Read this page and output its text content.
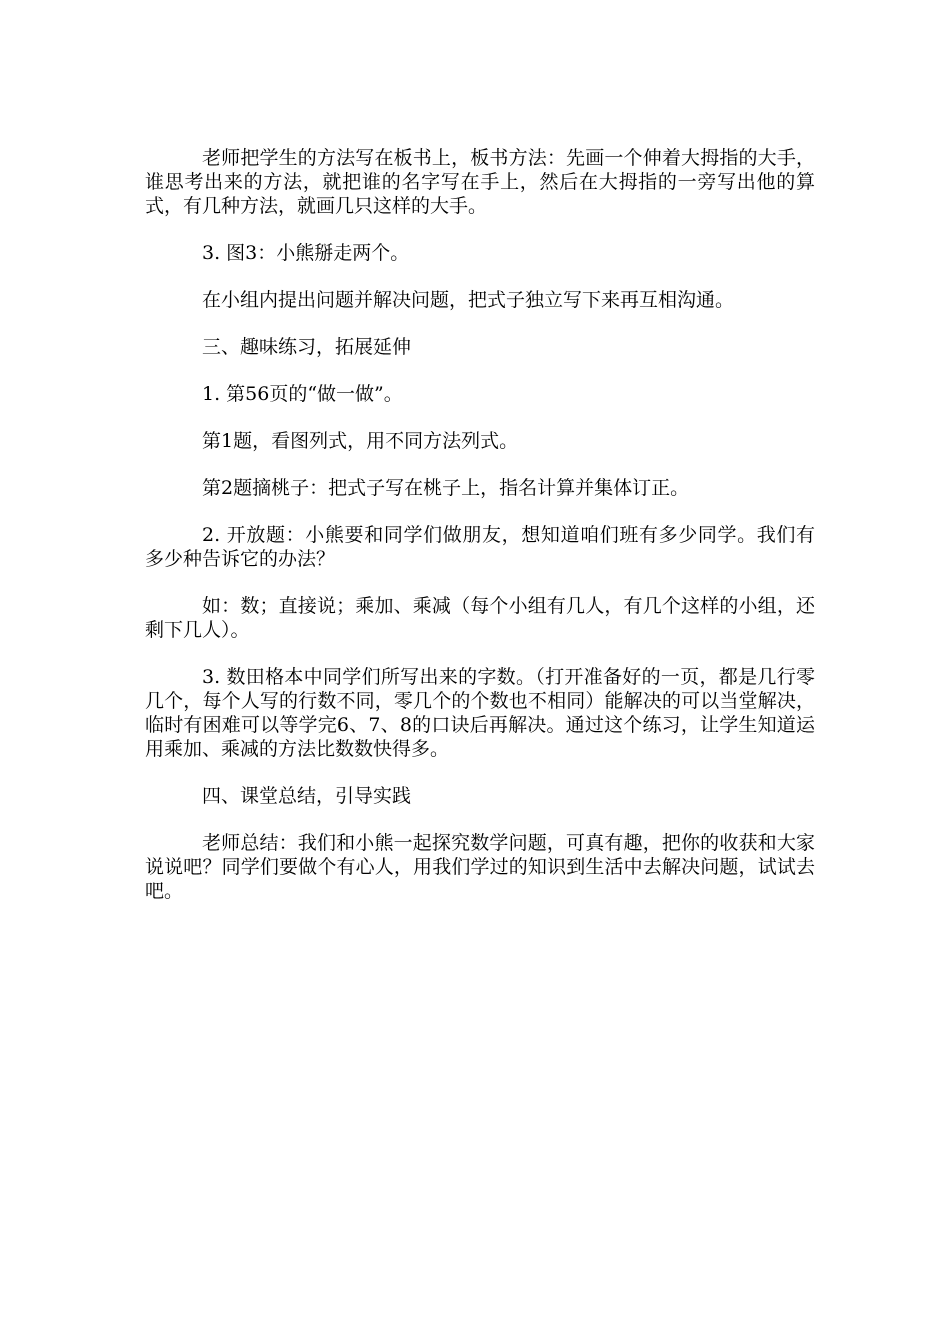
老师把学生的方法写在板书上，板书方法：先画一个伸着大拇指的大手，谁思考出来的方法，就把谁的名字写在手上，然后在大拇指的一旁写出他的算式，有几种方法，就画几只这样的大手。

3. 图3：小熊掰走两个。

在小组内提出问题并解决问题，把式子独立写下来再互相沟通。

三、趣味练习，拓展延伸

1. 第56页的“做一做”。

第1题，看图列式，用不同方法列式。

第2题摘桃子：把式子写在桃子上，指名计算并集体订正。

2. 开放题：小熊要和同学们做朋友，想知道咱们班有多少同学。我们有多少种告诉它的办法？

如：数；直接说；乘加、乘减（每个小组有几人，有几个这样的小组，还剩下几人）。

3. 数田格本中同学们所写出来的字数。（打开准备好的一页，都是几行零几个，每个人写的行数不同，零几个的个数也不相同）能解决的可以当堂解决，临时有困难可以等学完6、7、8的口诀后再解决。通过这个练习，让学生知道运用乘加、乘减的方法比数数快得多。

四、课堂总结，引导实践

老师总结：我们和小熊一起探究数学问题，可真有趣，把你的收获和大家说说吧？同学们要做个有心人，用我们学过的知识到生活中去解决问题，试试去吧。
